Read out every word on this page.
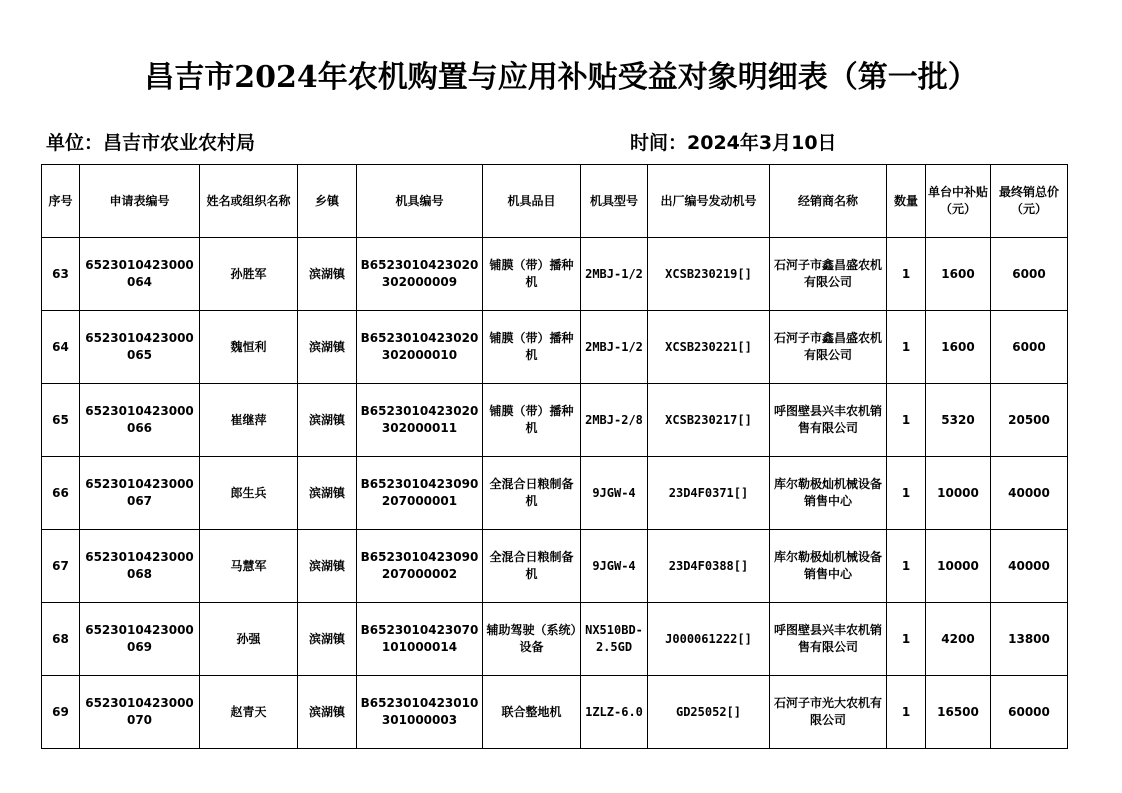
昌吉市2024年农机购置与应用补贴受益对象明细表（第一批）
单位：昌吉市农业农村局	时间：2024年3月10日
序号	申请表编号	姓名或组织名称	乡镇	机具编号	机具品目	机具型号	出厂编号发动机号	经销商名称	数量	单台中补贴（元）	最终销总价（元）
63	6523010423000064	孙胜军	滨湖镇	B6523010423020302000009	铺膜（带）播种机	2MBJ-1/2	XCSB230219[]	石河子市鑫昌盛农机有限公司	1	1600	6000
64	6523010423000065	魏恒利	滨湖镇	B6523010423020302000010	铺膜（带）播种机	2MBJ-1/2	XCSB230221[]	石河子市鑫昌盛农机有限公司	1	1600	6000
65	6523010423000066	崔继萍	滨湖镇	B6523010423020302000011	铺膜（带）播种机	2MBJ-2/8	XCSB230217[]	呼图壁县兴丰农机销售有限公司	1	5320	20500
66	6523010423000067	郎生兵	滨湖镇	B6523010423090207000001	全混合日粮制备机	9JGW-4	23D4F0371[]	库尔勒极灿机械设备销售中心	1	10000	40000
67	6523010423000068	马慧军	滨湖镇	B6523010423090207000002	全混合日粮制备机	9JGW-4	23D4F0388[]	库尔勒极灿机械设备销售中心	1	10000	40000
68	6523010423000069	孙强	滨湖镇	B6523010423070101000014	辅助驾驶（系统）设备	NX510BD-2.5GD	J000061222[]	呼图壁县兴丰农机销售有限公司	1	4200	13800
69	6523010423000070	赵青天	滨湖镇	B6523010423010301000003	联合整地机	1ZLZ-6.0	GD25052[]	石河子市光大农机有限公司	1	16500	60000
